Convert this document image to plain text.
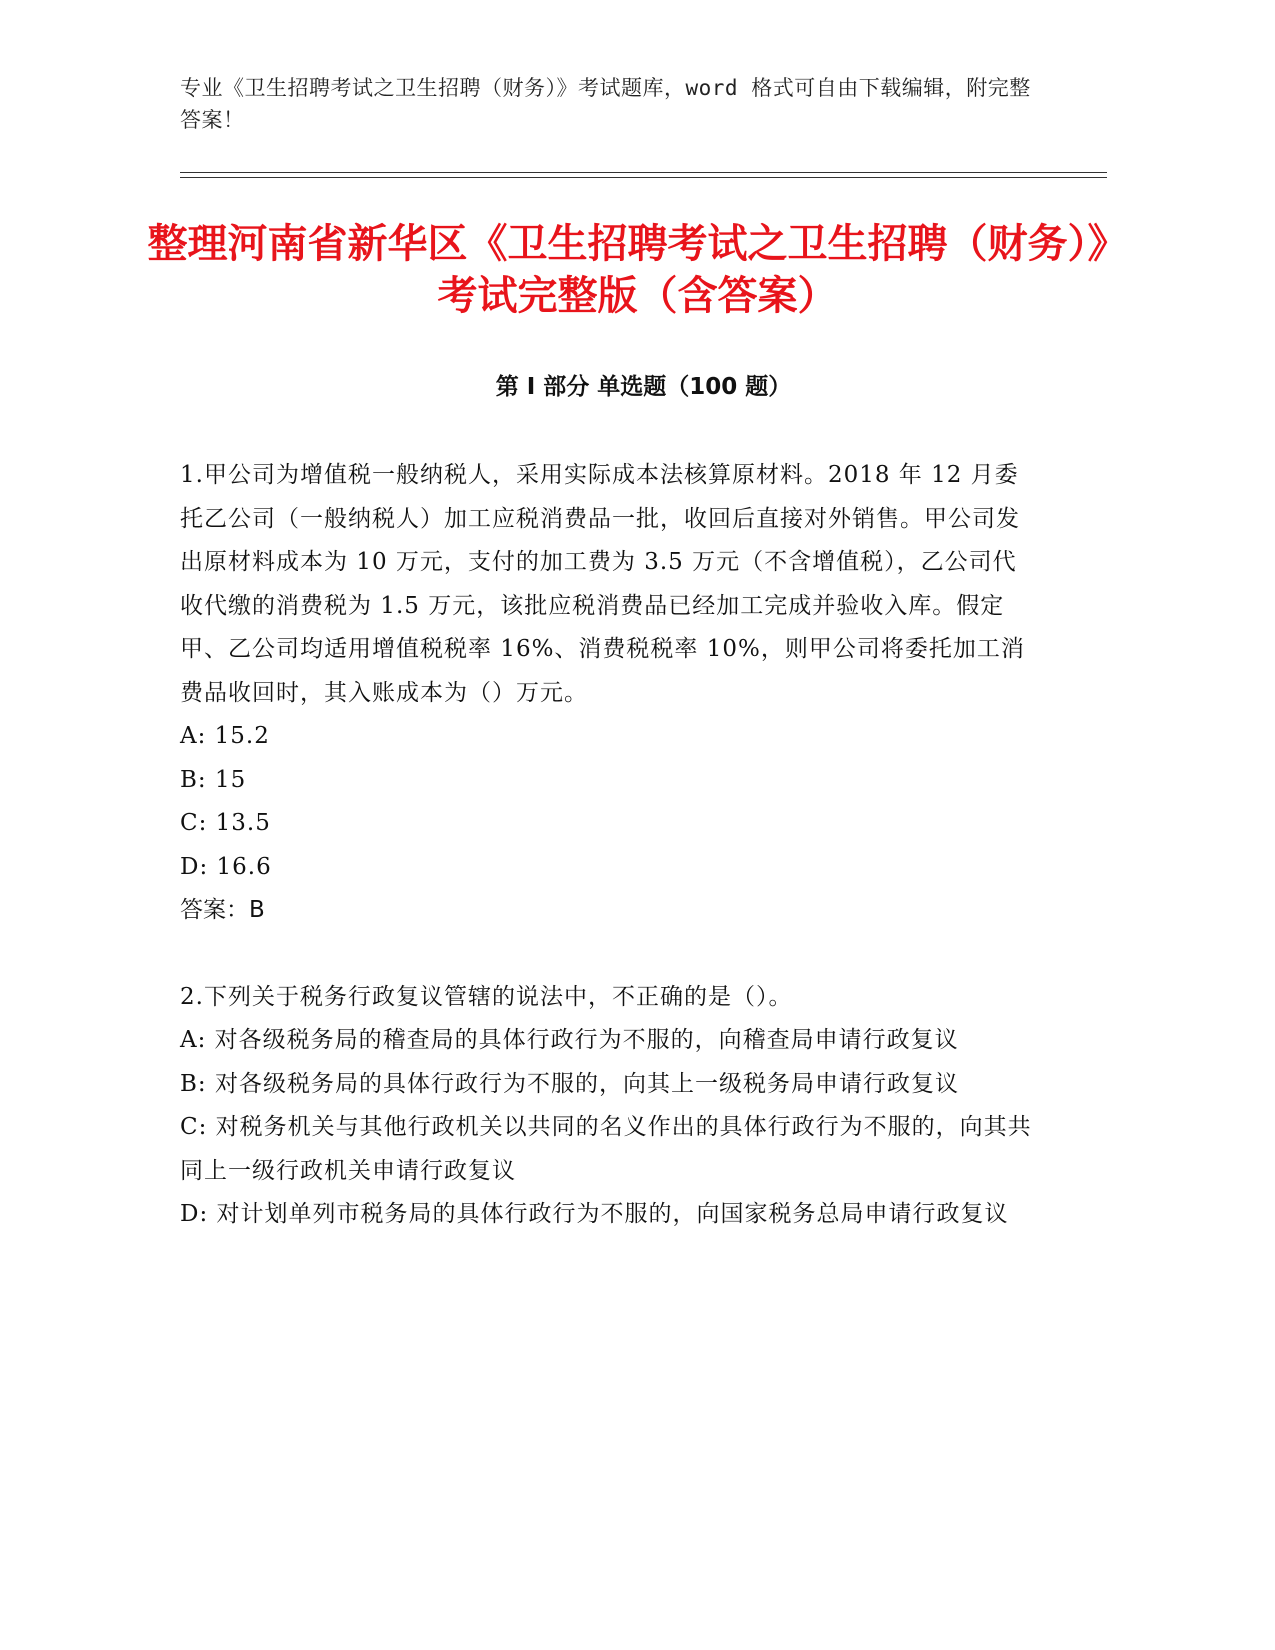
专业《卫生招聘考试之卫生招聘（财务）》考试题库，word 格式可自由下载编辑，附完整答案！

整理河南省新华区《卫生招聘考试之卫生招聘（财务）》考试完整版（含答案）
第 I 部分 单选题（100 题）

1.甲公司为增值税一般纳税人，采用实际成本法核算原材料。2018 年 12 月委托乙公司（一般纳税人）加工应税消费品一批，收回后直接对外销售。甲公司发出原材料成本为 10 万元，支付的加工费为 3.5 万元（不含增值税），乙公司代收代缴的消费税为 1.5 万元，该批应税消费品已经加工完成并验收入库。假定甲、乙公司均适用增值税税率 16%、消费税税率 10%，则甲公司将委托加工消费品收回时，其入账成本为（）万元。

A: 15.2

B: 15

C: 13.5

D: 16.6

答案：B

2.下列关于税务行政复议管辖的说法中，不正确的是（）。

A: 对各级税务局的稽查局的具体行政行为不服的，向稽查局申请行政复议

B: 对各级税务局的具体行政行为不服的，向其上一级税务局申请行政复议

C: 对税务机关与其他行政机关以共同的名义作出的具体行政行为不服的，向其共同上一级行政机关申请行政复议

D: 对计划单列市税务局的具体行政行为不服的，向国家税务总局申请行政复议
